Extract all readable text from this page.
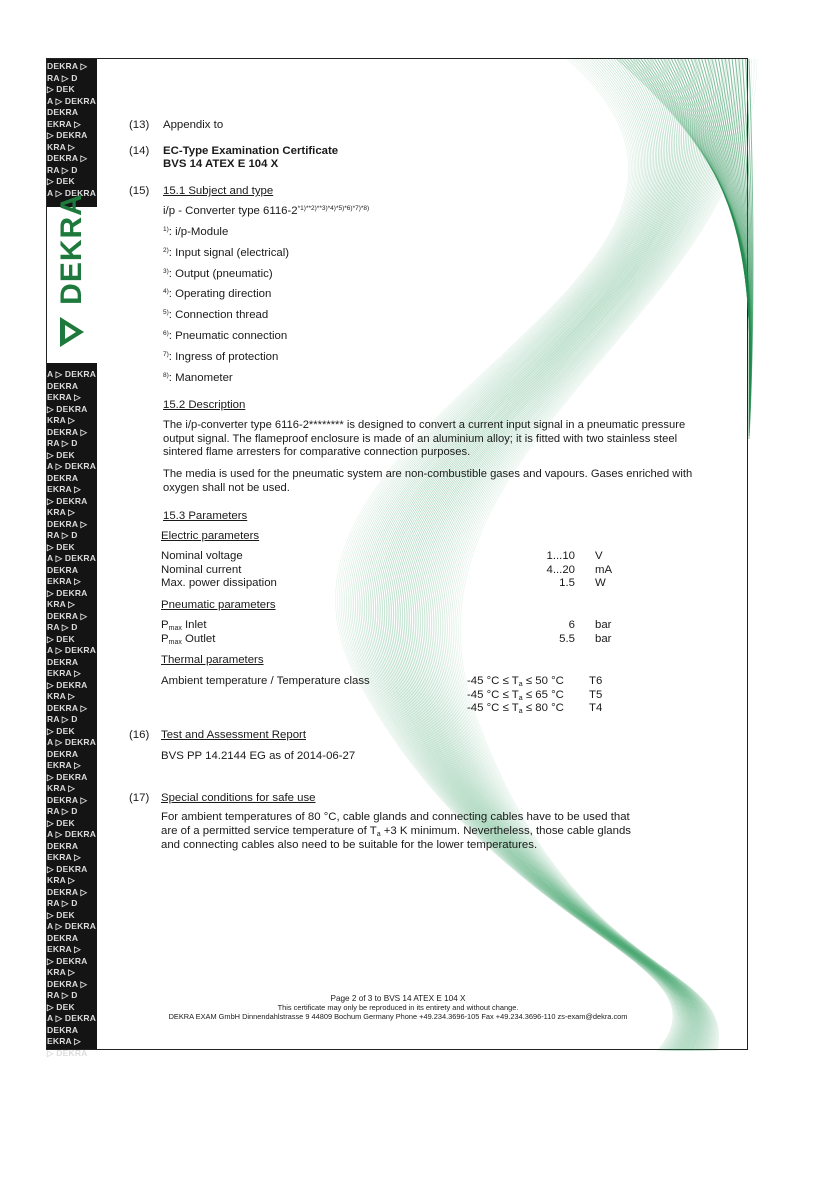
DEKRA ▷
RA ▷ D
▷ DEK
A ▷ DEKRA
DEKRA
EKRA ▷
▷ DEKRA
KRA ▷
DEKRA ▷
RA ▷ D
▷ DEK
A ▷ DEKRA

A ▷ DEKRA
DEKRA
EKRA ▷
▷ DEKRA
KRA ▷
DEKRA ▷
RA ▷ D
▷ DEK
A ▷ DEKRA
DEKRA
EKRA ▷
▷ DEKRA
KRA ▷
DEKRA ▷
RA ▷ D
▷ DEK
A ▷ DEKRA
DEKRA
EKRA ▷
▷ DEKRA
KRA ▷
DEKRA ▷
RA ▷ D
▷ DEK
A ▷ DEKRA
DEKRA
EKRA ▷
▷ DEKRA
KRA ▷
DEKRA ▷
RA ▷ D
▷ DEK
A ▷ DEKRA
DEKRA
EKRA ▷
▷ DEKRA
KRA ▷
DEKRA ▷
RA ▷ D
▷ DEK
A ▷ DEKRA
DEKRA
EKRA ▷
▷ DEKRA
KRA ▷
DEKRA ▷
RA ▷ D
▷ DEK
A ▷ DEKRA
DEKRA
EKRA ▷
▷ DEKRA
KRA ▷
DEKRA ▷
RA ▷ D
▷ DEK
A ▷ DEKRA
DEKRA
EKRA ▷
▷ DEKRA

DEKRA
(13) Appendix to
(14) EC-Type Examination Certificate
BVS 14 ATEX E 104 X
(15) 15.1 Subject and type
i/p - Converter type $6116-2^{*1)**2)**3)*4)*5)*6)*7)*8)}$
$^{1)}$: i/p-Module
$^{2)}$: Input signal (electrical)
$^{3)}$: Output (pneumatic)
$^{4)}$: Operating direction
$^{5)}$: Connection thread
$^{6)}$: Pneumatic connection
$^{7)}$: Ingress of protection
$^{8)}$: Manometer
15.2 Description
The i/p-converter type 6116-2******** is designed to convert a current input signal in a pneumatic pressure output signal. The flameproof enclosure is made of an aluminium alloy; it is fitted with two stainless steel sintered flame arresters for comparative connection purposes.
The media is used for the pneumatic system are non-combustible gases and vapours. Gases enriched with oxygen shall not be used.
15.3 Parameters
Electric parameters
Nominal voltage	1...10 V
Nominal current	4...20 mA
Max. power dissipation	1.5 W
Pneumatic parameters
$P_{max}$ Inlet	6 bar
$P_{max}$ Outlet	5.5 bar
Thermal parameters
Ambient temperature / Temperature class	-45 $^\circ C \le T_a \le 50$ °C T6
-45 $^\circ C \le T_a \le 65$ °C T5
-45 $^\circ C \le T_a \le 80$ °C T4
(16) Test and Assessment Report
BVS PP 14.2144 EG as of 2014-06-27
(17) Special conditions for safe use
For ambient temperatures of 80 °C, cable glands and connecting cables have to be used that
are of a permitted service temperature of $T_a +3$ K minimum. Nevertheless, those cable glands
and connecting cables also need to be suitable for the lower temperatures.
Page 2 of 3 to BVS 14 ATEX E 104 X
This certificate may only be reproduced in its entirety and without change.
DEKRA EXAM GmbH Dinnendahlstrasse 9 44809 Bochum Germany Phone +49.234.3696-105 Fax +49.234.3696-110 zs-exam@dekra.com
